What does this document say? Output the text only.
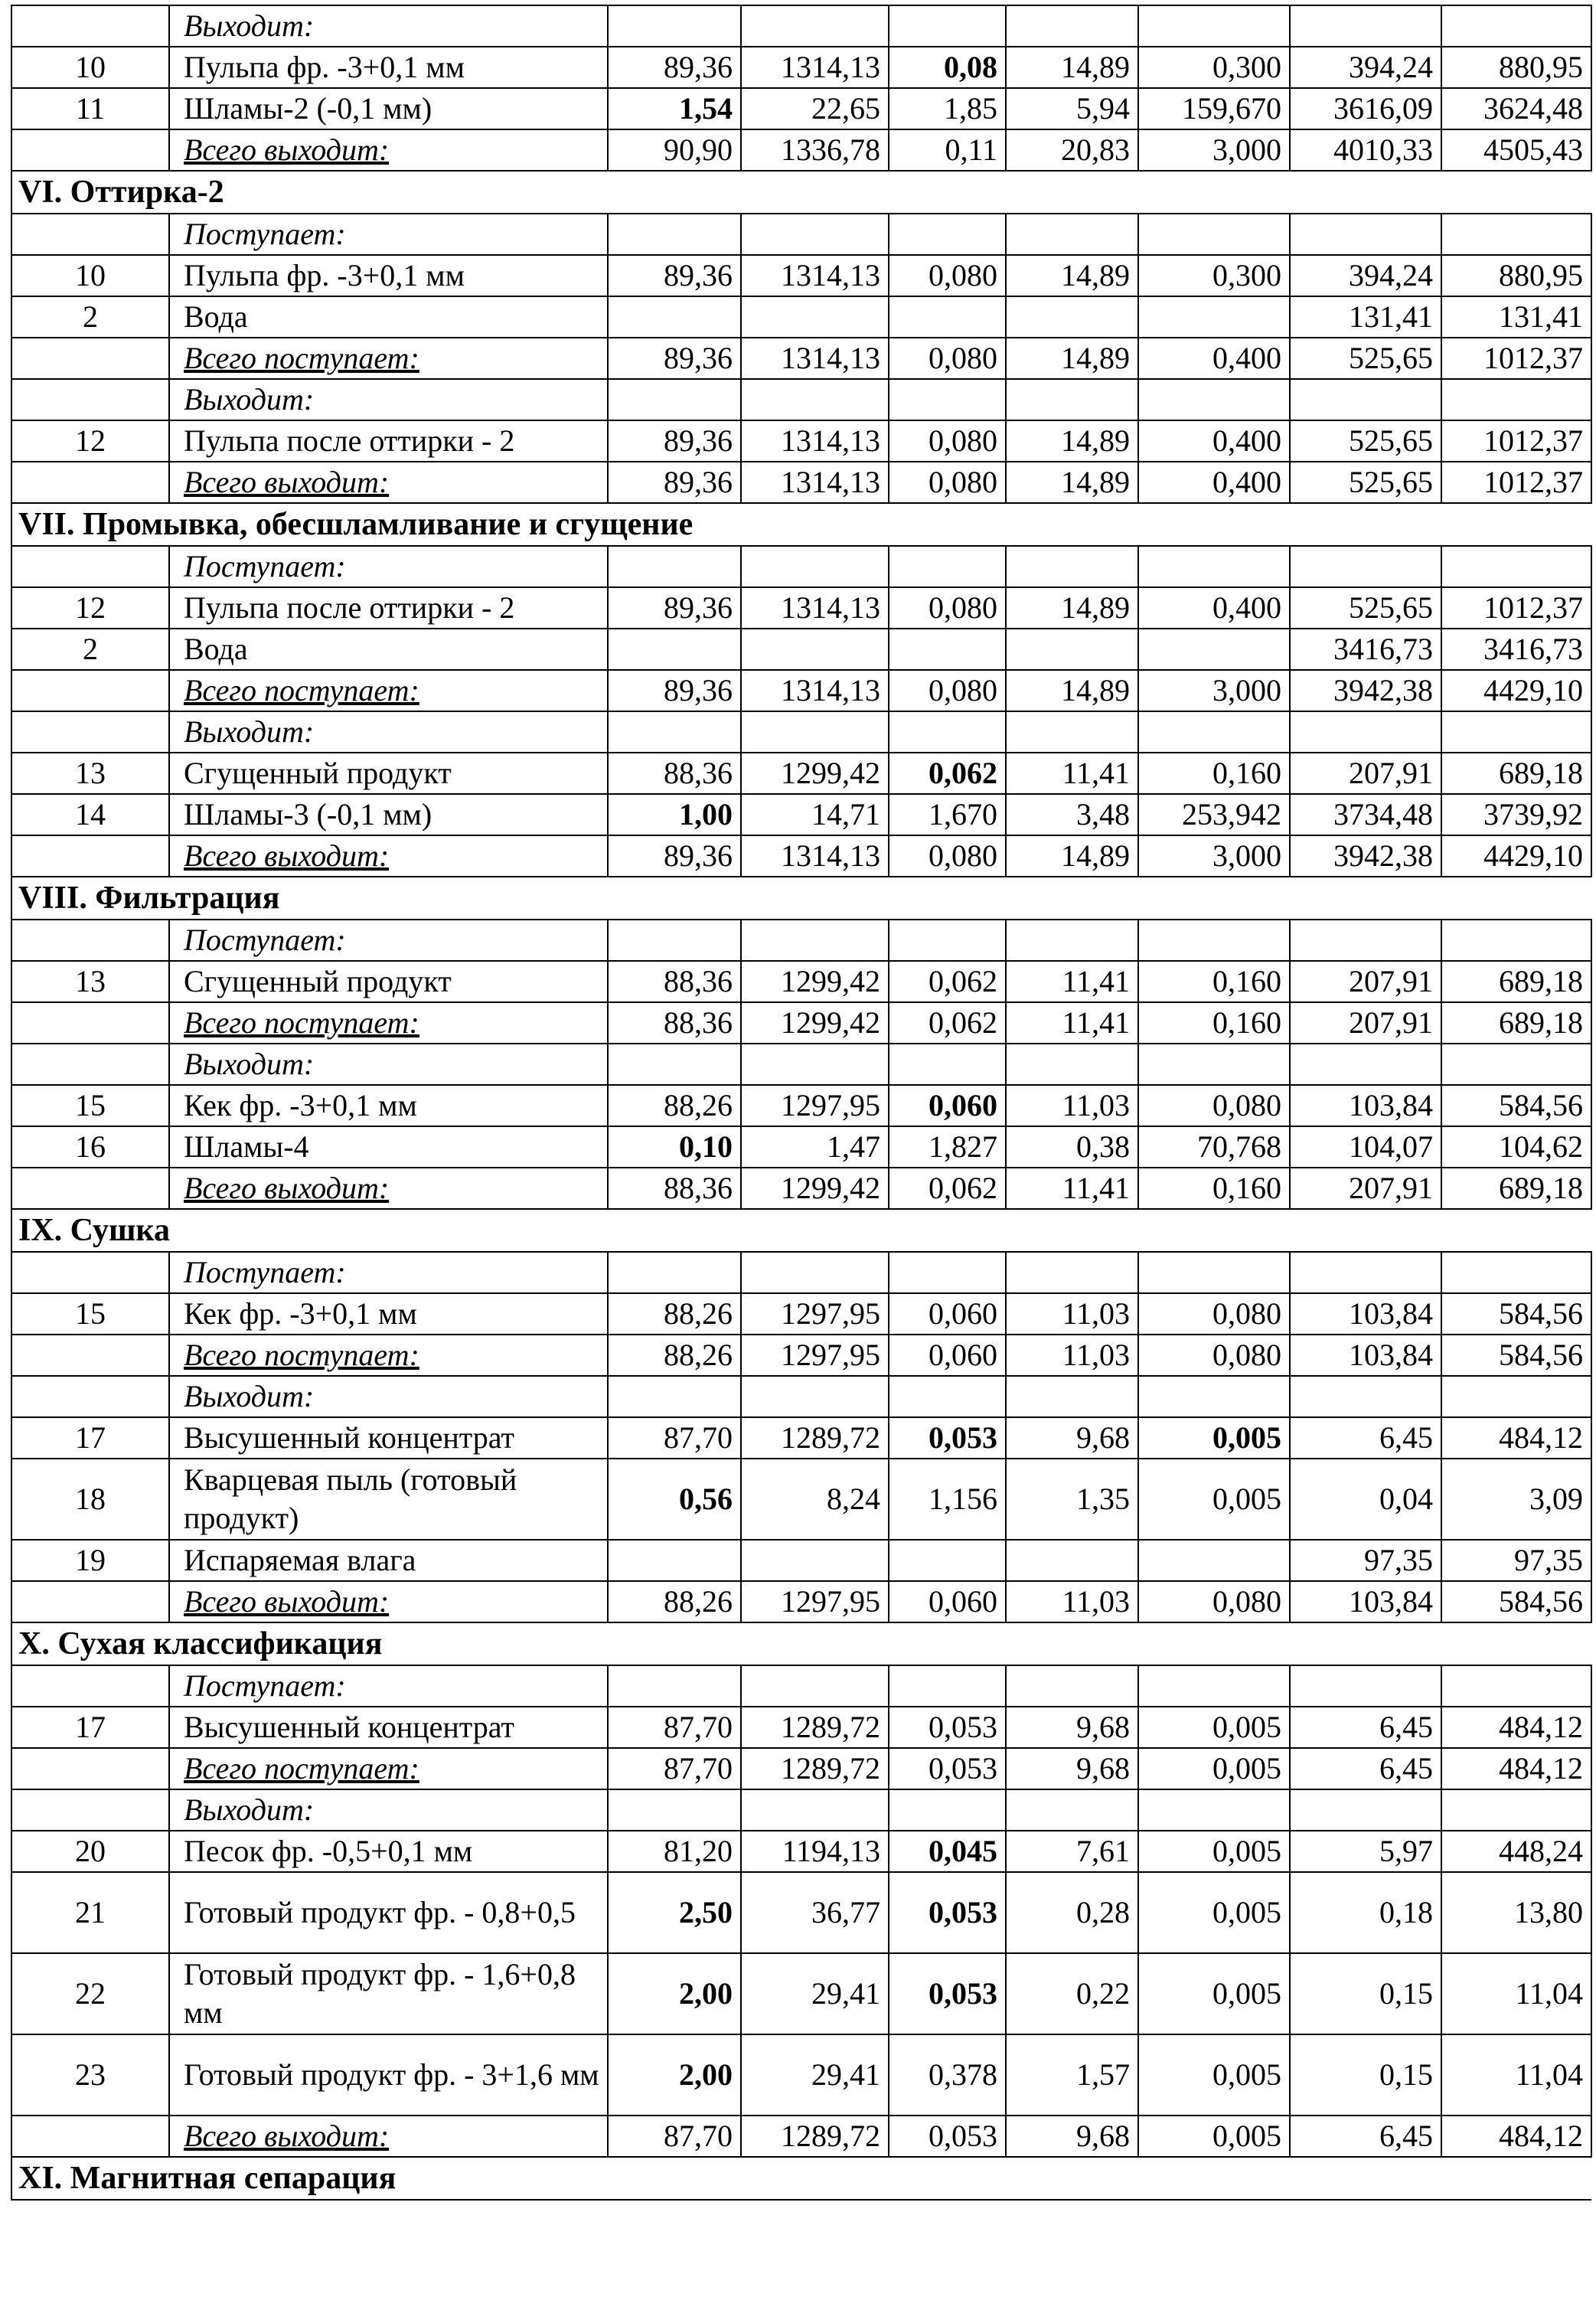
	Выходит:							
10	Пульпа фр. -3+0,1 мм	89,36	1314,13	0,08	14,89	0,300	394,24	880,95
11	Шламы-2 (-0,1 мм)	1,54	22,65	1,85	5,94	159,670	3616,09	3624,48
	Всего выходит:	90,90	1336,78	0,11	20,83	3,000	4010,33	4505,43
VI. Оттирка-2
	Поступает:							
10	Пульпа фр. -3+0,1 мм	89,36	1314,13	0,080	14,89	0,300	394,24	880,95
2	Вода						131,41	131,41
	Всего поступает:	89,36	1314,13	0,080	14,89	0,400	525,65	1012,37
	Выходит:							
12	Пульпа после оттирки - 2	89,36	1314,13	0,080	14,89	0,400	525,65	1012,37
	Всего выходит:	89,36	1314,13	0,080	14,89	0,400	525,65	1012,37
VII. Промывка, обесшламливание и сгущение
	Поступает:							
12	Пульпа после оттирки - 2	89,36	1314,13	0,080	14,89	0,400	525,65	1012,37
2	Вода						3416,73	3416,73
	Всего поступает:	89,36	1314,13	0,080	14,89	3,000	3942,38	4429,10
	Выходит:							
13	Сгущенный продукт	88,36	1299,42	0,062	11,41	0,160	207,91	689,18
14	Шламы-3 (-0,1 мм)	1,00	14,71	1,670	3,48	253,942	3734,48	3739,92
	Всего выходит:	89,36	1314,13	0,080	14,89	3,000	3942,38	4429,10
VIII. Фильтрация
	Поступает:							
13	Сгущенный продукт	88,36	1299,42	0,062	11,41	0,160	207,91	689,18
	Всего поступает:	88,36	1299,42	0,062	11,41	0,160	207,91	689,18
	Выходит:							
15	Кек фр. -3+0,1 мм	88,26	1297,95	0,060	11,03	0,080	103,84	584,56
16	Шламы-4	0,10	1,47	1,827	0,38	70,768	104,07	104,62
	Всего выходит:	88,36	1299,42	0,062	11,41	0,160	207,91	689,18
IX. Сушка
	Поступает:							
15	Кек фр. -3+0,1 мм	88,26	1297,95	0,060	11,03	0,080	103,84	584,56
	Всего поступает:	88,26	1297,95	0,060	11,03	0,080	103,84	584,56
	Выходит:							
17	Высушенный концентрат	87,70	1289,72	0,053	9,68	0,005	6,45	484,12
18	Кварцевая пыль (готовый продукт)	0,56	8,24	1,156	1,35	0,005	0,04	3,09
19	Испаряемая влага						97,35	97,35
	Всего выходит:	88,26	1297,95	0,060	11,03	0,080	103,84	584,56
X. Сухая классификация
	Поступает:							
17	Высушенный концентрат	87,70	1289,72	0,053	9,68	0,005	6,45	484,12
	Всего поступает:	87,70	1289,72	0,053	9,68	0,005	6,45	484,12
	Выходит:							
20	Песок фр. -0,5+0,1 мм	81,20	1194,13	0,045	7,61	0,005	5,97	448,24
21	Готовый продукт фр. - 0,8+0,5	2,50	36,77	0,053	0,28	0,005	0,18	13,80
22	Готовый продукт фр. - 1,6+0,8 мм	2,00	29,41	0,053	0,22	0,005	0,15	11,04
23	Готовый продукт фр. - 3+1,6 мм	2,00	29,41	0,378	1,57	0,005	0,15	11,04
	Всего выходит:	87,70	1289,72	0,053	9,68	0,005	6,45	484,12
XI. Магнитная сепарация
